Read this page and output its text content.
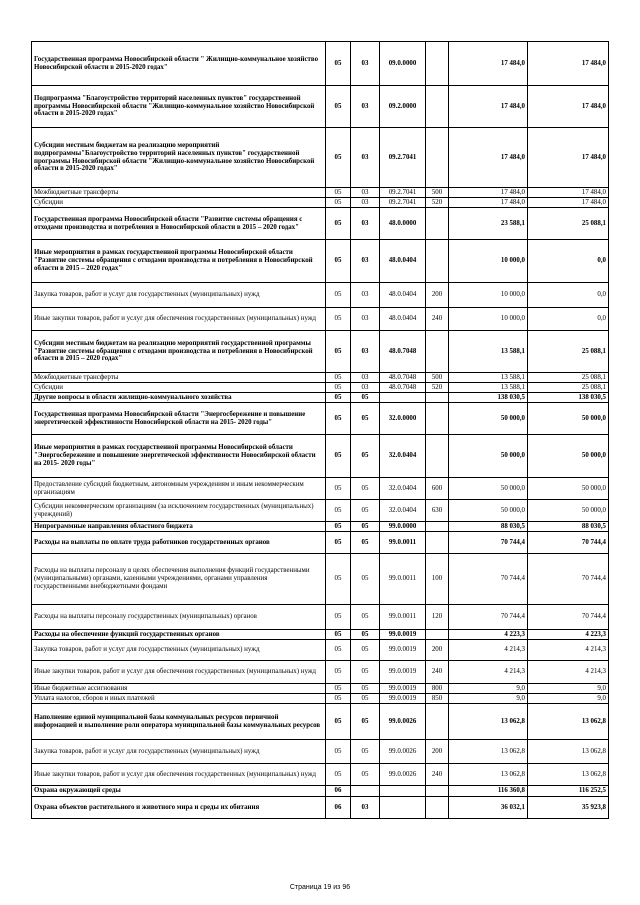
Государственная программа Новосибирской области " Жилищно-коммунальное хозяйство Новосибирской области в 2015-2020 годах"	05	03	09.0.0000		17 484,0	17 484,0
Подпрограмма "Благоустройство территорий населенных пунктов" государственной программы Новосибирской области "Жилищно-коммунальное хозяйство Новосибирской области в 2015-2020 годах"	05	03	09.2.0000		17 484,0	17 484,0
Субсидии местным бюджетам на реализацию мероприятий подпрограммы"Благоустройство территорий населенных пунктов" государственной программы Новосибирской области "Жилищно-коммунальное хозяйство Новосибирской области в 2015-2020 годах"	05	03	09.2.7041		17 484,0	17 484,0
Межбюджетные трансферты	05	03	09.2.7041	500	17 484,0	17 484,0
Субсидии	05	03	09.2.7041	520	17 484,0	17 484,0
Государственная программа Новосибирской области "Развитие системы обращения с отходами производства и потребления в Новосибирской области в 2015 – 2020 годах"	05	03	48.0.0000		23 588,1	25 088,1
Иные мероприятия в рамках государственной программы Новосибирской области "Развитие системы обращения с отходами производства и потребления в Новосибирской области в 2015 – 2020 годах"	05	03	48.0.0404		10 000,0	0,0
Закупка товаров, работ и услуг для государственных (муниципальных) нужд	05	03	48.0.0404	200	10 000,0	0,0
Иные закупки товаров, работ и услуг для обеспечения государственных (муниципальных) нужд	05	03	48.0.0404	240	10 000,0	0,0
Субсидии местным бюджетам на реализацию мероприятий государственной программы "Развитие системы обращения с отходами производства и потребления в Новосибирской области в 2015 – 2020 годах"	05	03	48.0.7048		13 588,1	25 088,1
Межбюджетные трансферты	05	03	48.0.7048	500	13 588,1	25 088,1
Субсидии	05	03	48.0.7048	520	13 588,1	25 088,1
Другие вопросы в области жилищно-коммунального хозяйства	05	05			138 030,5	138 030,5
Государственная программа Новосибирской области "Энергосбережение и повышение энергетической эффективности Новосибирской области на 2015- 2020 годы"	05	05	32.0.0000		50 000,0	50 000,0
Иные мероприятия в рамках государственной программы Новосибирской области "Энергосбережение и повышение энергетической эффективности Новосибирской области на 2015- 2020 годы"	05	05	32.0.0404		50 000,0	50 000,0
Предоставление субсидий бюджетным, автономным учреждениям и иным некоммерческим организациям	05	05	32.0.0404	600	50 000,0	50 000,0
Субсидии некоммерческим организациям (за исключением государственных (муниципальных) учреждений)	05	05	32.0.0404	630	50 000,0	50 000,0
Непрограммные направления областного бюджета	05	05	99.0.0000		88 030,5	88 030,5
Расходы на выплаты по оплате труда работников государственных органов	05	05	99.0.0011		70 744,4	70 744,4
Расходы на выплаты персоналу в целях обеспечения выполнения функций государственными (муниципальными) органами, казенными учреждениями, органами управления государственными внебюджетными фондами	05	05	99.0.0011	100	70 744,4	70 744,4
Расходы на выплаты персоналу государственных (муниципальных) органов	05	05	99.0.0011	120	70 744,4	70 744,4
Расходы на обеспечение функций государственных органов	05	05	99.0.0019		4 223,3	4 223,3
Закупка товаров, работ и услуг для государственных (муниципальных) нужд	05	05	99.0.0019	200	4 214,3	4 214,3
Иные закупки товаров, работ и услуг для обеспечения государственных (муниципальных) нужд	05	05	99.0.0019	240	4 214,3	4 214,3
Иные бюджетные ассигнования	05	05	99.0.0019	800	9,0	9,0
Уплата налогов, сборов и иных платежей	05	05	99.0.0019	850	9,0	9,0
Наполнение единой муниципальной базы коммунальных ресурсов первичной информацией и выполнение роли оператора муниципальной базы коммунальных ресурсов	05	05	99.0.0026		13 062,8	13 062,8
Закупка товаров, работ и услуг для государственных (муниципальных) нужд	05	05	99.0.0026	200	13 062,8	13 062,8
Иные закупки товаров, работ и услуг для обеспечения государственных (муниципальных) нужд	05	05	99.0.0026	240	13 062,8	13 062,8
Охрана окружающей среды	06				116 360,8	116 252,5
Охрана объектов растительного и животного мира и среды их обитания	06	03			36 032,1	35 923,8
Страница 19 из 96
